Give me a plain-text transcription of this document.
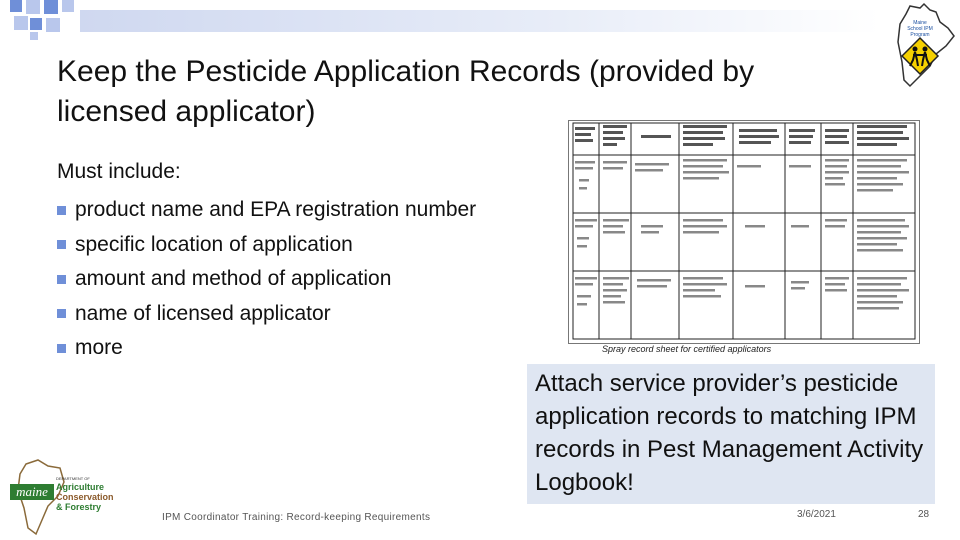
Maine
School IPM
Program
Keep the Pesticide Application Records (provided by licensed applicator)
Must include:
product name and EPA registration number
specific location of application
amount and method of application
name of licensed applicator
more	Spray record sheet for certified applicators
Attach service provider’s pesticide application records to matching IPM records in Pest Management Activity Logbook!
maine
DEPARTMENT OF
Agriculture
Conservation
& Forestry
IPM Coordinator Training: Record-keeping Requirements	3/6/2021	28
